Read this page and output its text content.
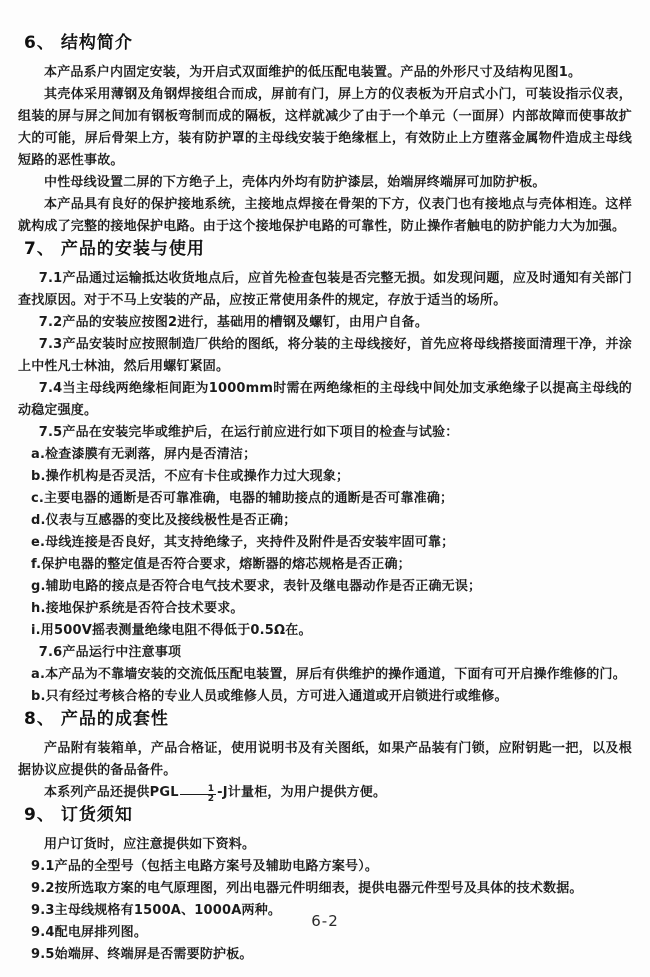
6、 结构简介

本产品系户内固定安装，为开启式双面维护的低压配电装置。产品的外形尺寸及结构见图1。

其壳体采用薄钢及角钢焊接组合而成，屏前有门，屏上方的仪表板为开启式小门，可装设指示仪表，组装的屏与屏之间加有钢板弯制而成的隔板，这样就减少了由于一个单元（一面屏）内部故障而使事故扩大的可能，屏后骨架上方，装有防护罩的主母线安装于绝缘框上，有效防止上方堕落金属物件造成主母线短路的恶性事故。

中性母线设置二屏的下方绝子上，壳体内外均有防护漆层，始端屏终端屏可加防护板。

本产品具有良好的保护接地系统，主接地点焊接在骨架的下方，仪表门也有接地点与壳体相连。这样就构成了完整的接地保护电路。由于这个接地保护电路的可靠性，防止操作者触电的防护能力大为加强。

7、 产品的安装与使用

7.1产品通过运输抵达收货地点后，应首先检查包装是否完整无损。如发现问题，应及时通知有关部门查找原因。对于不马上安装的产品，应按正常使用条件的规定，存放于适当的场所。

7.2产品的安装应按图2进行，基础用的槽钢及螺钉，由用户自备。

7.3产品安装时应按照制造厂供给的图纸，将分装的主母线接好，首先应将母线搭接面清理干净，并涂上中性凡士林油，然后用螺钉紧固。

7.4当主母线两绝缘柜间距为1000mm时需在两绝缘柜的主母线中间处加支承绝缘子以提高主母线的动稳定强度。

7.5产品在安装完毕或维护后，在运行前应进行如下项目的检查与试验：

a.检查漆膜有无剥落，屏内是否清洁；

b.操作机构是否灵活，不应有卡住或操作力过大现象；

c.主要电器的通断是否可靠准确，电器的辅助接点的通断是否可靠准确；

d.仪表与互感器的变比及接线极性是否正确；

e.母线连接是否良好，其支持绝缘子，夹持件及附件是否安装牢固可靠；

f.保护电器的整定值是否符合要求，熔断器的熔芯规格是否正确；

g.辅助电路的接点是否符合电气技术要求，表针及继电器动作是否正确无误；

h.接地保护系统是否符合技术要求。

i.用500V摇表测量绝缘电阻不得低于0.5Ω在。

7.6产品运行中注意事项

a.本产品为不靠墙安装的交流低压配电装置，屏后有供维护的操作通道，下面有可开启操作维修的门。

b.只有经过考核合格的专业人员或维修人员，方可进入通道或开启锁进行或维修。

8、 产品的成套性

产品附有装箱单，产品合格证，使用说明书及有关图纸，如果产品装有门锁，应附钥匙一把，以及根据协议应提供的备品备件。

本系列产品还提供PGL $\frac{1}{2} -J$计量柜，为用户提供方便。

9、 订货须知

用户订货时，应注意提供如下资料。

9.1产品的全型号（包括主电路方案号及辅助电路方案号）。

9.2按所选取方案的电气原理图，列出电器元件明细表，提供电器元件型号及具体的技术数据。

9.3主母线规格有1500A、1000A两种。

9.4配电屏排列图。

9.5始端屏、终端屏是否需要防护板。

6-2
